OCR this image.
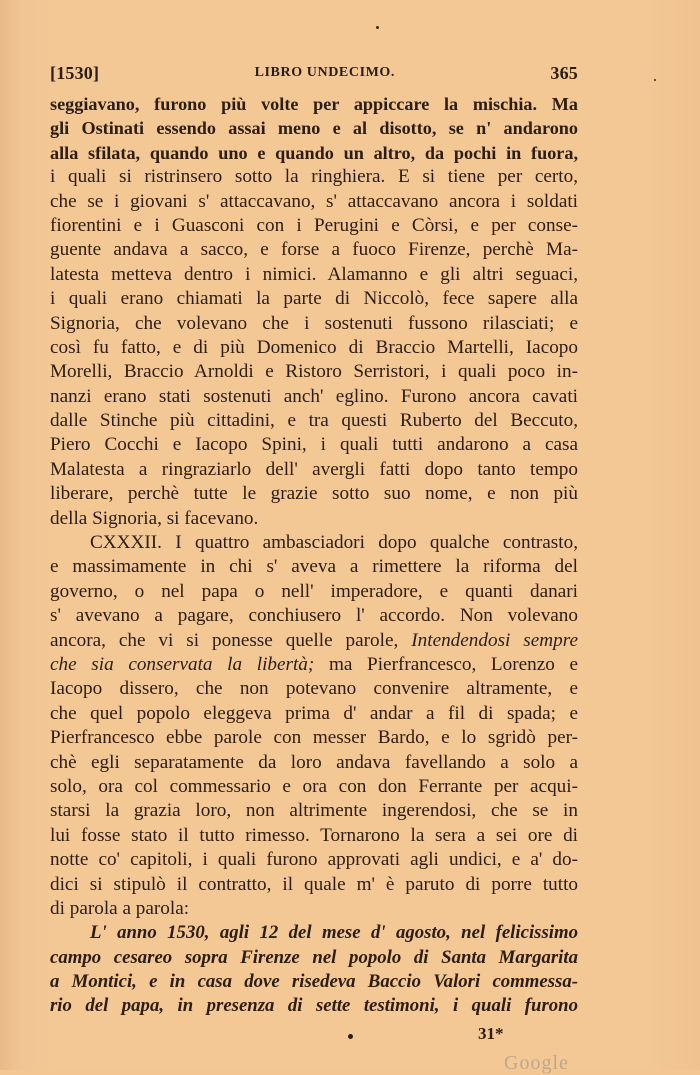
[1530]	LIBRO UNDECIMO.	365
seggiavano, furono più volte per appiccare la mischia. Ma
gli Ostinati essendo assai meno e al disotto, se n' andarono
alla sfilata, quando uno e quando un altro, da pochi in fuora,
i quali si ristrinsero sotto la ringhiera. E si tiene per certo,
che se i giovani s' attaccavano, s' attaccavano ancora i soldati
fiorentini e i Guasconi con i Perugini e Còrsi, e per conse-
guente andava a sacco, e forse a fuoco Firenze, perchè Ma-
latesta metteva dentro i nimici. Alamanno e gli altri seguaci,
i quali erano chiamati la parte di Niccolò, fece sapere alla
Signoria, che volevano che i sostenuti fussono rilasciati; e
così fu fatto, e di più Domenico di Braccio Martelli, Iacopo
Morelli, Braccio Arnoldi e Ristoro Serristori, i quali poco in-
nanzi erano stati sostenuti anch' eglino. Furono ancora cavati
dalle Stinche più cittadini, e tra questi Ruberto del Beccuto,
Piero Cocchi e Iacopo Spini, i quali tutti andarono a casa
Malatesta a ringraziarlo dell' avergli fatti dopo tanto tempo
liberare, perchè tutte le grazie sotto suo nome, e non più
della Signoria, si facevano.
CXXXII. I quattro ambasciadori dopo qualche contrasto,
e massimamente in chi s' aveva a rimettere la riforma del
governo, o nel papa o nell' imperadore, e quanti danari
s' avevano a pagare, conchiusero l' accordo. Non volevano
ancora, che vi si ponesse quelle parole, Intendendosi sempre
che sia conservata la libertà; ma Pierfrancesco, Lorenzo e
Iacopo dissero, che non potevano convenire altramente, e
che quel popolo eleggeva prima d' andar a fil di spada; e
Pierfrancesco ebbe parole con messer Bardo, e lo sgridò per-
chè egli separatamente da loro andava favellando a solo a
solo, ora col commessario e ora con don Ferrante per acqui-
starsi la grazia loro, non altrimente ingerendosi, che se in
lui fosse stato il tutto rimesso. Tornarono la sera a sei ore di
notte co' capitoli, i quali furono approvati agli undici, e a' do-
dici si stipulò il contratto, il quale m' è paruto di porre tutto
di parola a parola:
L' anno 1530, agli 12 del mese d' agosto, nel felicissimo
campo cesareo sopra Firenze nel popolo di Santa Margarita
a Montici, e in casa dove risedeva Baccio Valori commessa-
rio del papa, in presenza di sette testimoni, i quali furono
31*
Google
